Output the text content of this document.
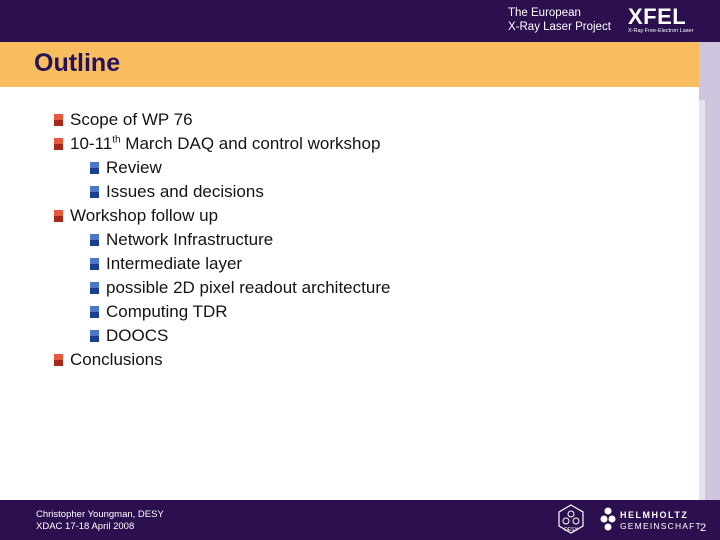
The European
X-Ray Laser Project XFEL
X-Ray Free-Electron Laser
Outline
Scope of WP 76
10-11th March DAQ and control workshop
Review
Issues and decisions
Workshop follow up
Network Infrastructure
Intermediate layer
possible 2D pixel readout architecture
Computing TDR
DOOCS
Conclusions
Christopher Youngman, DESY
XDAC 17-18 April 2008	DESY
HELMHOLTZ
GEMEINSCHAFT
2
